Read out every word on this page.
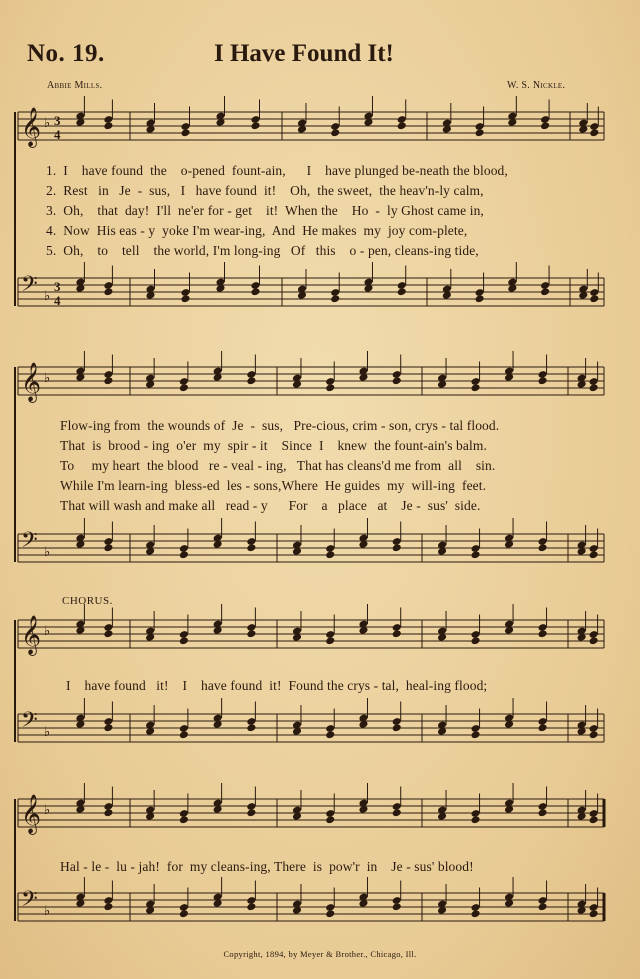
No. 19.	I Have Found It!
Abbie Mills.	W. S. Nickle.
𝄞 ♭ 3
4
𝄢 ♭
3
4
𝄞 ♭
𝄢 ♭
𝄞 ♭
𝄢 ♭
𝄞 ♭
𝄢 ♭
1.  I    have found  the    o-pened  fount-ain,      I    have plunged be-neath the blood,
2.  Rest   in   Je  -  sus,   I   have found  it!    Oh,  the sweet,  the heav'n-ly calm,
3.  Oh,    that  day!  I'll  ne'er for - get    it!  When the    Ho  -  ly Ghost came in,
4.  Now  His eas - y  yoke I'm wear-ing,  And  He makes  my  joy com-plete,
5.  Oh,    to    tell    the world, I'm long-ing   Of   this    o - pen, cleans-ing tide,
Flow-ing from  the wounds of  Je  -  sus,   Pre-cious, crim - son, crys - tal flood.
That  is  brood - ing  o'er  my  spir - it    Since  I    knew  the fount-ain's balm.
To     my heart  the blood   re - veal - ing,   That has cleans'd me from  all    sin.
While I'm learn-ing  bless-ed  les - sons,Where  He guides  my  will-ing  feet.
That will wash and make all   read - y      For    a   place   at    Je -  sus'  side.
CHORUS.
I    have found   it!    I    have found  it!  Found the crys - tal,  heal-ing flood;
Hal - le -  lu - jah!  for  my cleans-ing, There  is  pow'r  in    Je - sus' blood!
Copyright, 1894, by Meyer & Brother., Chicago, Ill.
